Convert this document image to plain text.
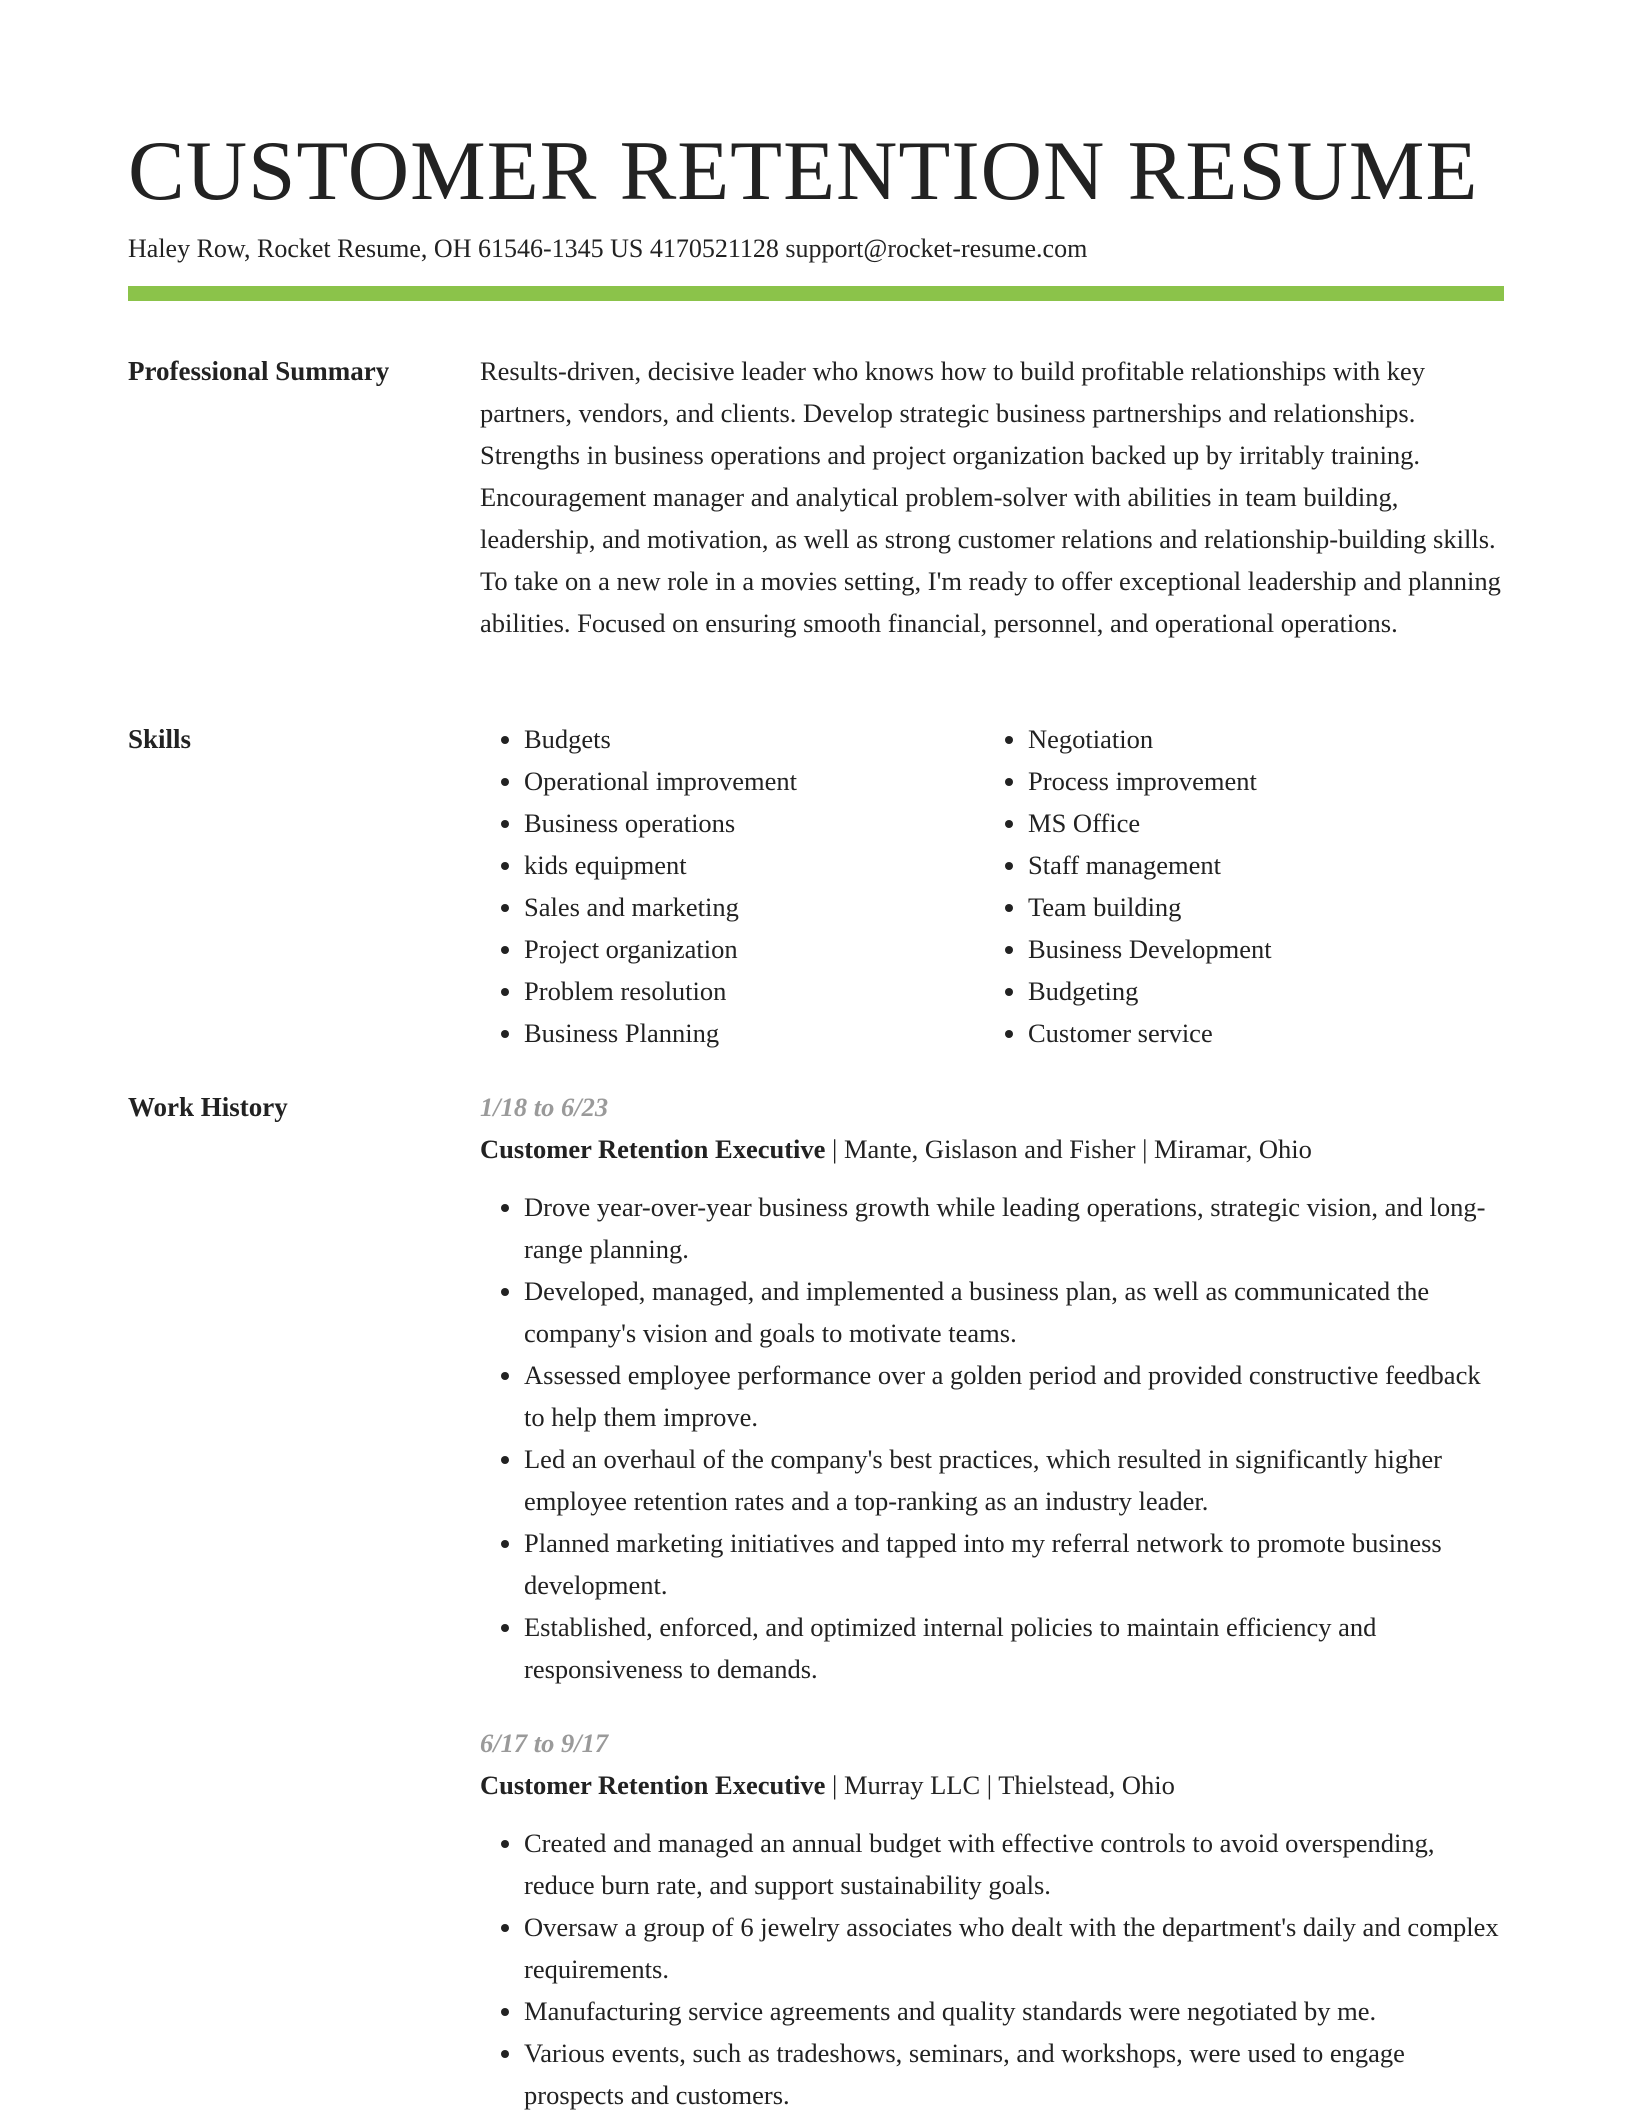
CUSTOMER RETENTION RESUME
Haley Row, Rocket Resume, OH 61546-1345 US 4170521128 support@rocket-resume.com
Professional Summary	Results-driven, decisive leader who knows how to build profitable relationships with key partners, vendors, and clients. Develop strategic business partnerships and relationships. Strengths in business operations and project organization backed up by irritably training. Encouragement manager and analytical problem-solver with abilities in team building, leadership, and motivation, as well as strong customer relations and relationship-building skills. To take on a new role in a movies setting, I'm ready to offer exceptional leadership and planning abilities. Focused on ensuring smooth financial, personnel, and operational operations.

Skills
•	Budgets
• Operational improvement
• Business operations
• kids equipment
• Sales and marketing
• Project organization
• Problem resolution
• Business Planning
• Negotiation
• Process improvement
• MS Office
• Staff management
• Team building
• Business Development
• Budgeting
• Customer service
Work History	1/18 to 6/23
Customer Retention Executive | Mante, Gislason and Fisher | Miramar, Ohio
• Drove year-over-year business growth while leading operations, strategic vision, and long-range planning.
• Developed, managed, and implemented a business plan, as well as communicated the company's vision and goals to motivate teams.
• Assessed employee performance over a golden period and provided constructive feedback to help them improve.
• Led an overhaul of the company's best practices, which resulted in significantly higher employee retention rates and a top-ranking as an industry leader.
• Planned marketing initiatives and tapped into my referral network to promote business development.
• Established, enforced, and optimized internal policies to maintain efficiency and responsiveness to demands.
6/17 to 9/17
Customer Retention Executive | Murray LLC | Thielstead, Ohio
• Created and managed an annual budget with effective controls to avoid overspending, reduce burn rate, and support sustainability goals.
• Oversaw a group of 6 jewelry associates who dealt with the department's daily and complex requirements.
• Manufacturing service agreements and quality standards were negotiated by me.
• Various events, such as tradeshows, seminars, and workshops, were used to engage prospects and customers.
